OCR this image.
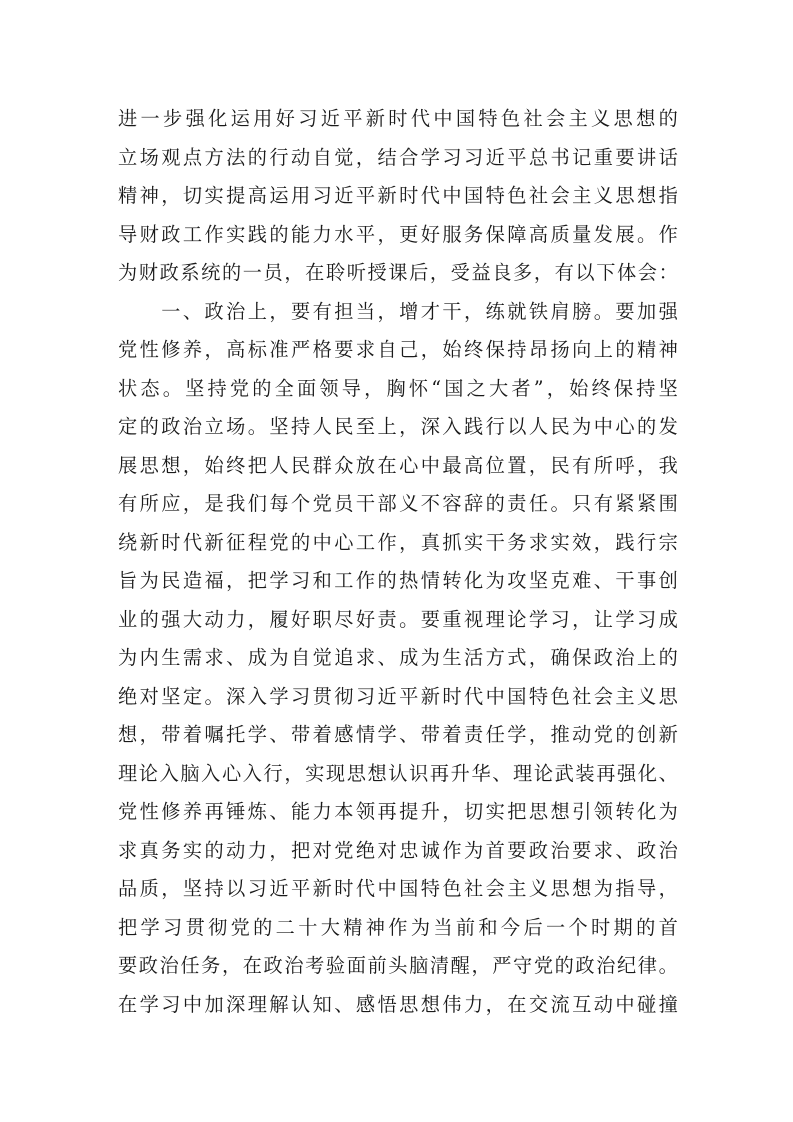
进一步强化运用好习近平新时代中国特色社会主义思想的
立场观点方法的行动自觉，结合学习习近平总书记重要讲话
精神，切实提高运用习近平新时代中国特色社会主义思想指
导财政工作实践的能力水平，更好服务保障高质量发展。作
为财政系统的一员，在聆听授课后，受益良多，有以下体会：
　　一、政治上，要有担当，增才干，练就铁肩膀。要加强
党性修养，高标准严格要求自己，始终保持昂扬向上的精神
状态。坚持党的全面领导，胸怀“国之大者”，始终保持坚
定的政治立场。坚持人民至上，深入践行以人民为中心的发
展思想，始终把人民群众放在心中最高位置，民有所呼，我
有所应，是我们每个党员干部义不容辞的责任。只有紧紧围
绕新时代新征程党的中心工作，真抓实干务求实效，践行宗
旨为民造福，把学习和工作的热情转化为攻坚克难、干事创
业的强大动力，履好职尽好责。要重视理论学习，让学习成
为内生需求、成为自觉追求、成为生活方式，确保政治上的
绝对坚定。深入学习贯彻习近平新时代中国特色社会主义思
想，带着嘱托学、带着感情学、带着责任学，推动党的创新
理论入脑入心入行，实现思想认识再升华、理论武装再强化、
党性修养再锤炼、能力本领再提升，切实把思想引领转化为
求真务实的动力，把对党绝对忠诚作为首要政治要求、政治
品质，坚持以习近平新时代中国特色社会主义思想为指导，
把学习贯彻党的二十大精神作为当前和今后一个时期的首
要政治任务，在政治考验面前头脑清醒，严守党的政治纪律。
在学习中加深理解认知、感悟思想伟力，在交流互动中碰撞
